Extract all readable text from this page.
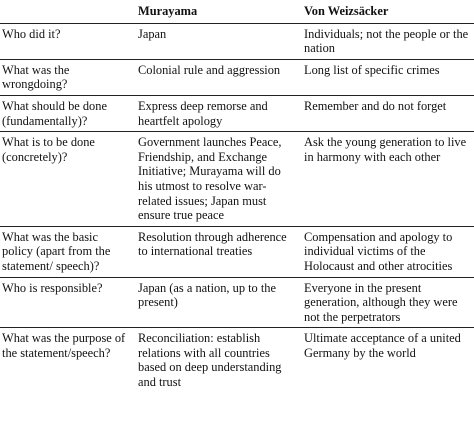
	Murayama	Von Weizsäcker
Who did it?	Japan	Individuals; not the people or the nation
What was the wrongdoing?	Colonial rule and aggression	Long list of specific crimes
What should be done (fundamentally)?	Express deep remorse and heartfelt apology	Remember and do not forget
What is to be done (concretely)?	Government launches Peace, Friendship, and Exchange Initiative; Murayama will do his utmost to resolve war-related issues; Japan must ensure true peace	Ask the young generation to live in harmony with each other
What was the basic policy (apart from the statement/ speech)?	Resolution through adherence to international treaties	Compensation and apology to individual victims of the Holocaust and other atrocities
Who is responsible?	Japan (as a nation, up to the present)	Everyone in the present generation, although they were not the perpetrators
What was the purpose of the statement/speech?	Reconciliation: establish relations with all countries based on deep understanding and trust	Ultimate acceptance of a united Germany by the world
